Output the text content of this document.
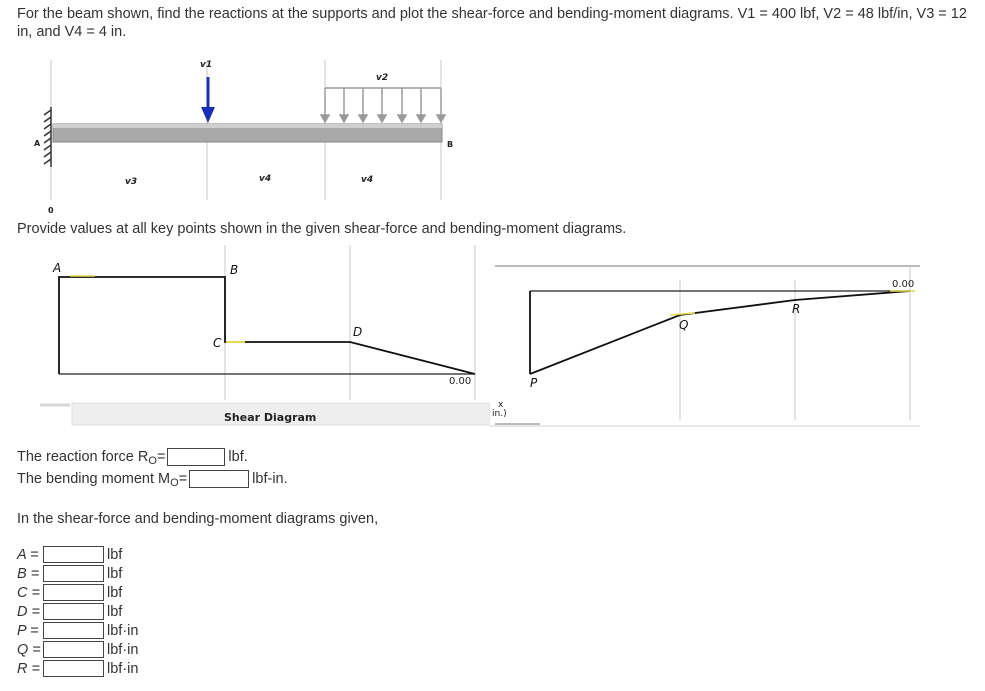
For the beam shown, find the reactions at the supports and plot the shear-force and bending-moment diagrams. V1 = 400 lbf, V2 = 48 lbf/in, V3 = 12 in, and V4 = 4 in.
v1
v2
A	B
v3	v4	v4
0
Provide values at all key points shown in the given shear-force and bending-moment diagrams.
A	B
C
D
0.00
Shear Diagram
P
Q
R
0.00
x
in.)
The reaction force R O =	lbf.
The bending moment M O =	lbf-in.
In the shear-force and bending-moment diagrams given,
A =	lbf
B =	lbf
C =	lbf
D =	lbf
P =	lbf·in
Q =	lbf·in
R =	lbf·in
